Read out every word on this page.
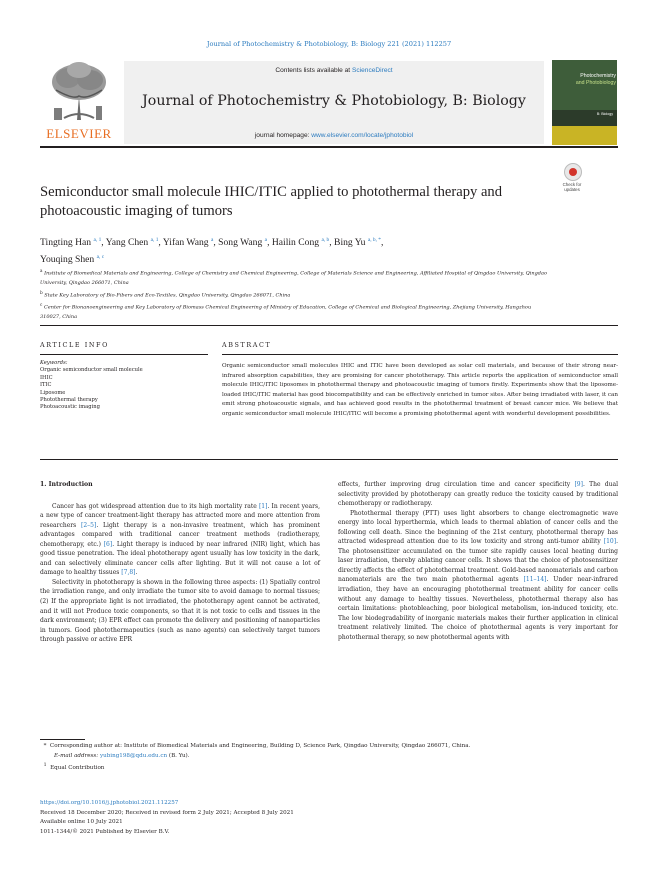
Journal of Photochemistry & Photobiology, B: Biology 221 (2021) 112257
ELSEVIER
Contents lists available at ScienceDirect
Journal of Photochemistry & Photobiology, B: Biology
journal homepage: www.elsevier.com/locate/jphotobiol
Photochemistry
and Photobiology
B: Biology
Semiconductor small molecule IHIC/ITIC applied to photothermal therapy and photoacoustic imaging of tumors
Check for
updates
Tingting Han $^{a, 1}$, Yang Chen $^{a, 1}$, Yifan Wang $^a$, Song Wang $^a$, Hailin Cong $^{a, b}$, Bing Yu $^{a, b, *}$,
Youqing Shen $^{a, c}$
$^a$ Institute of Biomedical Materials and Engineering, College of Chemistry and Chemical Engineering, College of Materials Science and Engineering, Affiliated Hospital of Qingdao University, Qingdao University, Qingdao 266071, China
$^b$ State Key Laboratory of Bio-Fibers and Eco-Textiles, Qingdao University, Qingdao 266071, China
$^c$ Center for Bionanoengineering and Key Laboratory of Biomass Chemical Engineering of Ministry of Education, College of Chemical and Biological Engineering, Zhejiang University, Hangzhou 310027, China
ARTICLE INFO	ABSTRACT
Keywords:
Organic semiconductor small molecule
IHIC
ITIC
Liposome
Photothermal therapy
Photoacoustic imaging
Organic semiconductor small molecules IHIC and ITIC have been developed as solar cell materials, and because of their strong near-infrared absorption capabilities, they are promising for cancer phototherapy. This article reports the application of semiconductor small molecule IHIC/ITIC liposomes in photothermal therapy and photoacoustic imaging of tumors firstly. Experiments show that the liposome-loaded IHIC/ITIC material has good biocompatibility and can be effectively enriched in tumor sites. After being irradiated with laser, it can emit strong photoacoustic signals, and has achieved good results in the photothermal treatment of breast cancer mice. We believe that organic semiconductor small molecule IHIC/ITIC will become a promising photothermal agent with wonderful development possibilities.
1. Introduction

Cancer has got widespread attention due to its high mortality rate [1]. In recent years, a new type of cancer treatment-light therapy has attracted more and more attention from researchers [2–5]. Light therapy is a non-invasive treatment, which has prominent advantages compared with traditional cancer treatment methods (radiotherapy, chemotherapy, etc.) [6]. Light therapy is induced by near infrared (NIR) light, which has good tissue penetration. The ideal phototherapy agent usually has low toxicity in the dark, and can selectively eliminate cancer cells after lighting. But it will not cause a lot of damage to healthy tissues [7,8].

Selectivity in phototherapy is shown in the following three aspects: (1) Spatially control the irradiation range, and only irradiate the tumor site to avoid damage to normal tissues; (2) If the appropriate light is not irradiated, the phototherapy agent cannot be activated, and it will not Produce toxic components, so that it is not toxic to cells and tissues in the dark environment; (3) EPR effect can promote the delivery and positioning of nanoparticles in tumors. Good photothermapeutics (such as nano agents) can selectively target tumors through passive or active EPR

effects, further improving drug circulation time and cancer specificity [9]. The dual selectivity provided by phototherapy can greatly reduce the toxicity caused by traditional chemotherapy or radiotherapy.

Photothermal therapy (PTT) uses light absorbers to change electromagnetic wave energy into local hyperthermia, which leads to thermal ablation of cancer cells and the following cell death. Since the beginning of the 21st century, photothermal therapy has attracted widespread attention due to its low toxicity and strong anti-tumor ability [10]. The photosensitizer accumulated on the tumor site rapidly causes local heating during laser irradiation, thereby ablating cancer cells. It shows that the choice of photosensitizer directly affects the effect of photothermal treatment. Gold-based nanomaterials and carbon nanomaterials are the two main photothermal agents [11–14]. Under near-infrared irradiation, they have an encouraging photothermal treatment ability for cancer cells without any damage to healthy tissues. Nevertheless, photothermal therapy also has certain limitations: photobleaching, poor biological metabolism, ion-induced toxicity, etc. The low biodegradability of inorganic materials makes their further application in clinical treatment relatively limited. The choice of photothermal agents is very important for photothermal therapy, so new photothermal agents with

* Corresponding author at: Institute of Biomedical Materials and Engineering, Building D, Science Park, Qingdao University, Qingdao 266071, China.
E-mail address: yubing198@qdu.edu.cn (B. Yu).
$^1$ Equal Contribution
https://doi.org/10.1016/j.jphotobiol.2021.112257
Received 18 December 2020; Received in revised form 2 July 2021; Accepted 8 July 2021
Available online 10 July 2021
1011-1344/© 2021 Published by Elsevier B.V.
